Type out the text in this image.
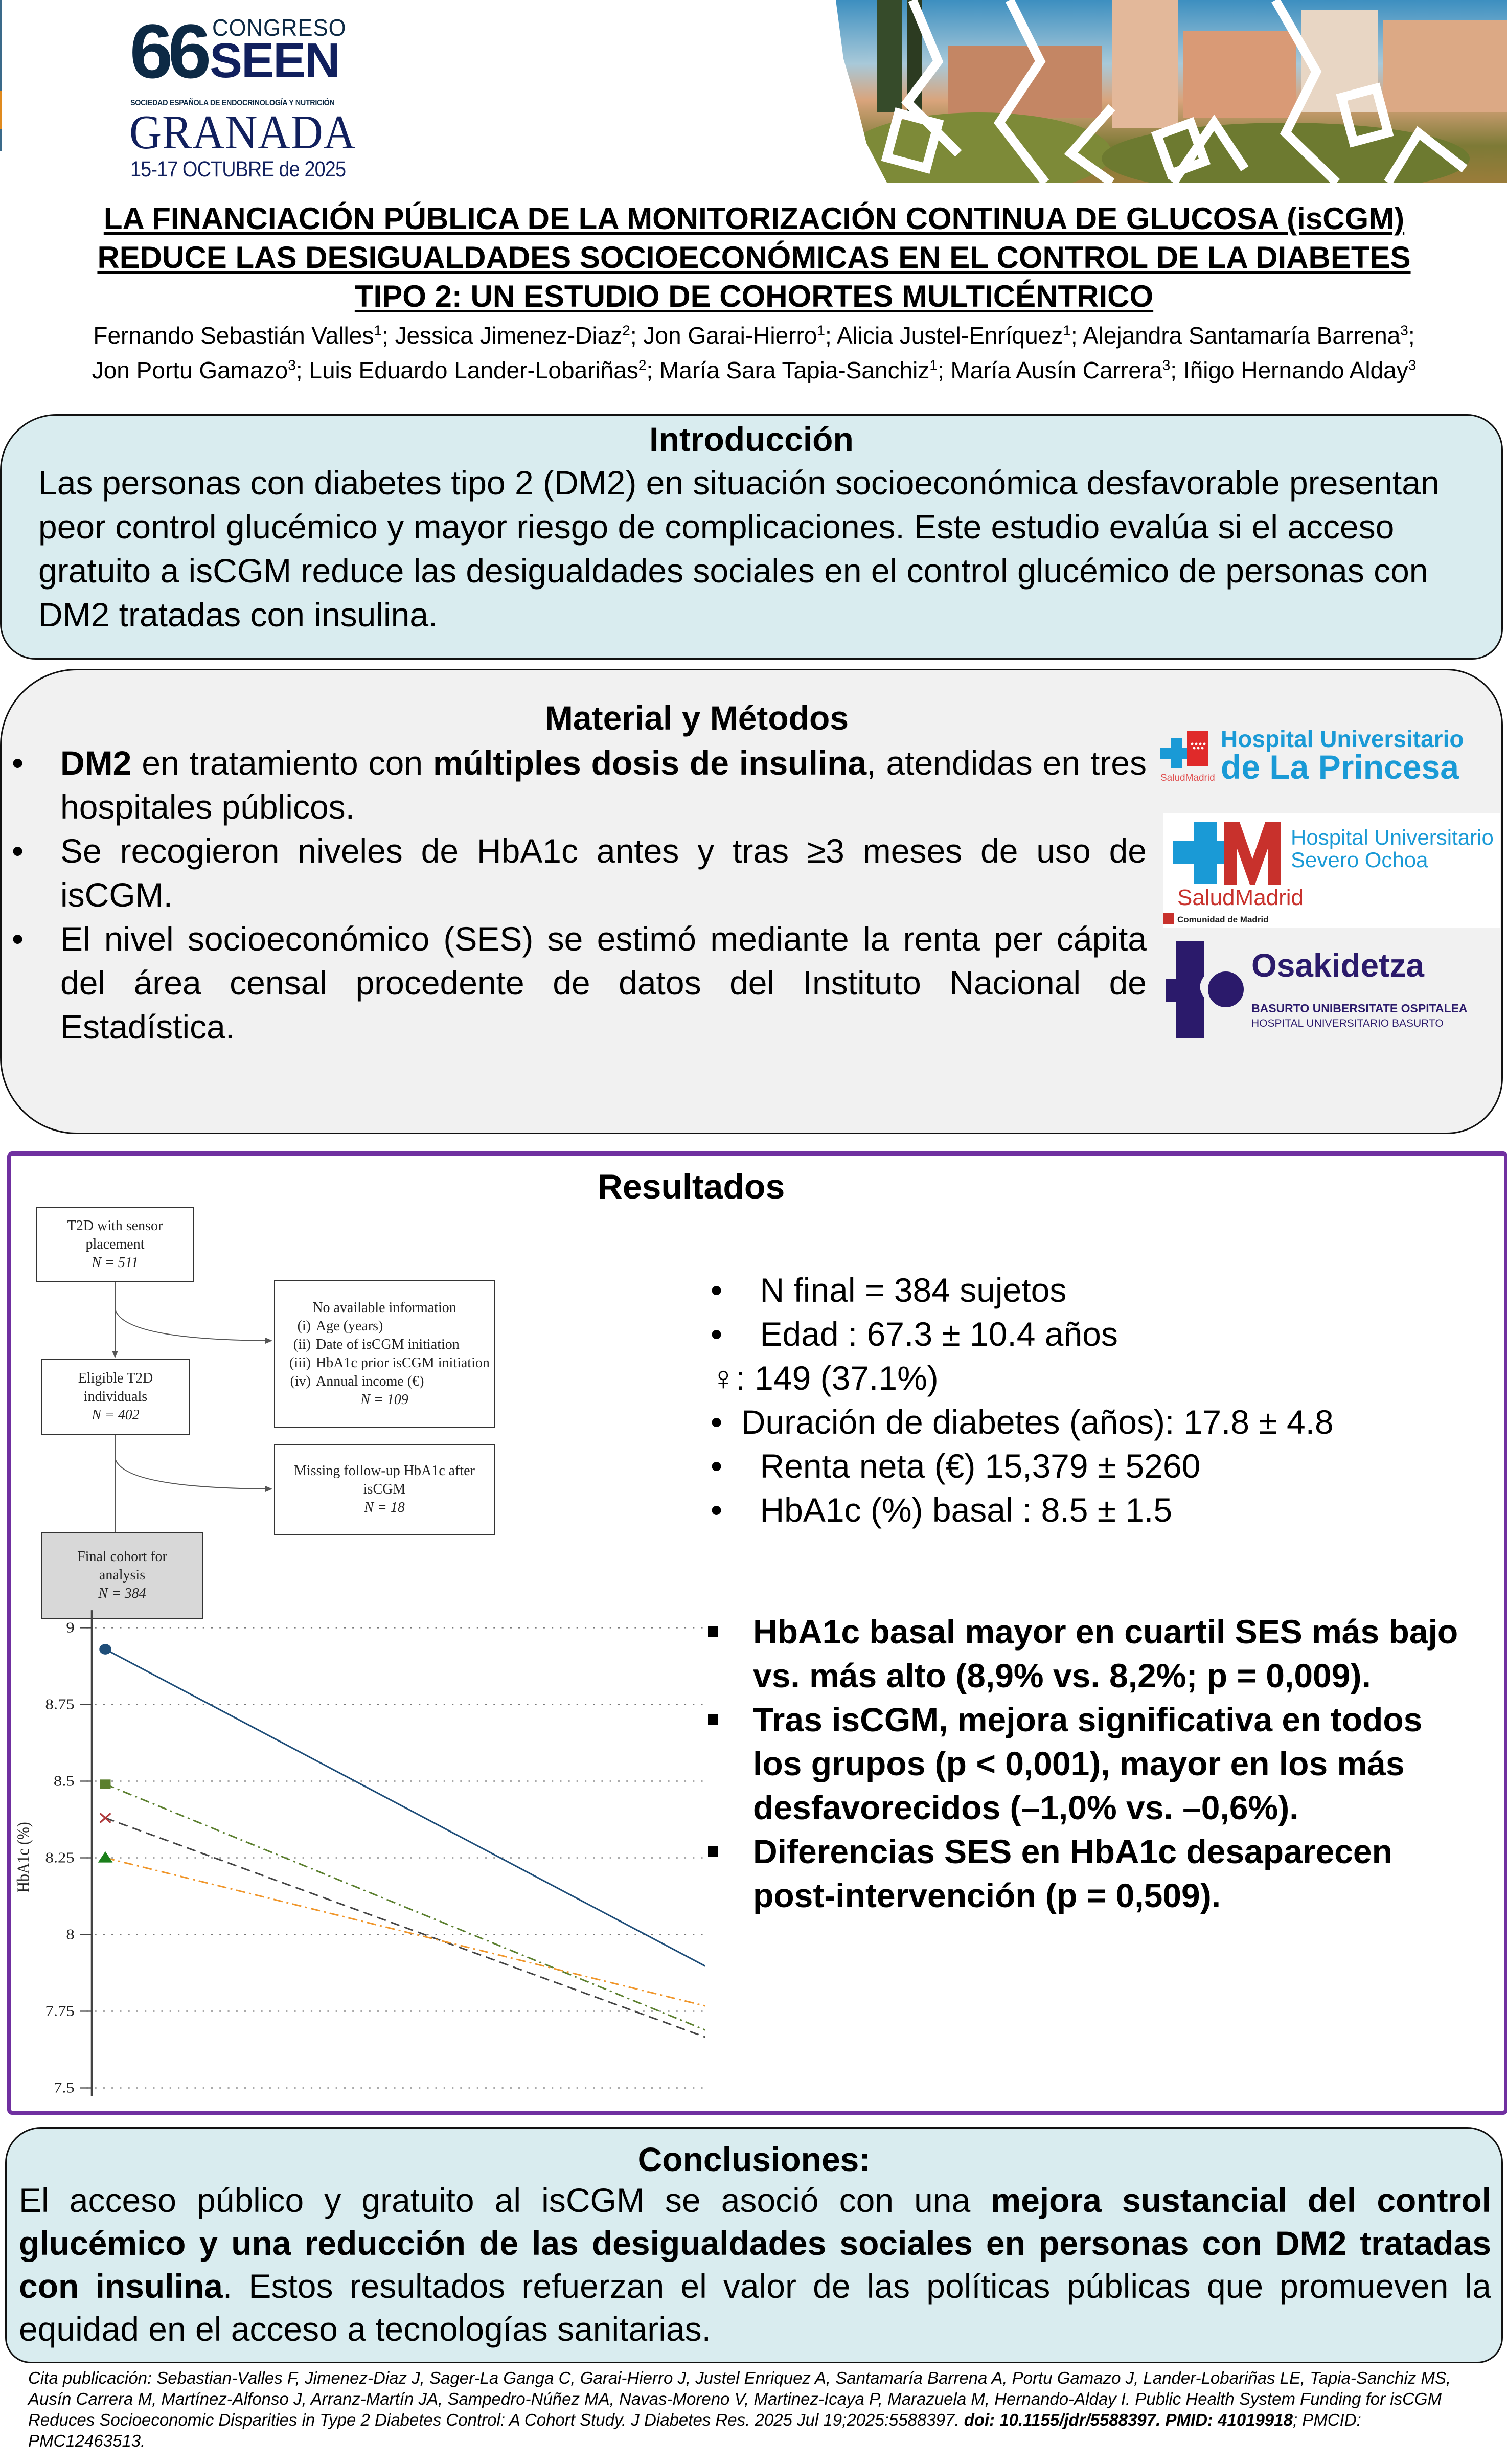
66 CONGRESO
SEEN
SOCIEDAD ESPAÑOLA DE ENDOCRINOLOGÍA Y NUTRICIÓN
GRANADA
15-17 OCTUBRE de 2025
LA FINANCIACIÓN PÚBLICA DE LA MONITORIZACIÓN CONTINUA DE GLUCOSA (isCGM) REDUCE LAS DESIGUALDADES SOCIOECONÓMICAS EN EL CONTROL DE LA DIABETES TIPO 2: UN ESTUDIO DE COHORTES MULTICÉNTRICO
Fernando Sebastián Valles$^1$; Jessica Jimenez-Diaz$^2$; Jon Garai-Hierro$^1$; Alicia Justel-Enríquez$^1$; Alejandra Santamaría Barrena$^3$; Jon Portu Gamazo$^3$; Luis Eduardo Lander-Lobariñas$^2$; María Sara Tapia-Sanchiz$^1$; María Ausín Carrera$^3$; Iñigo Hernando Alday$^3$
Introducción

Las personas con diabetes tipo 2 (DM2) en situación socioeconómica desfavorable presentan peor control glucémico y mayor riesgo de complicaciones. Este estudio evalúa si el acceso gratuito a isCGM reduce las desigualdades sociales en el control glucémico de personas con DM2 tratadas con insulina.

Material y Métodos
• DM2 en tratamiento con múltiples dosis de insulina, atendidas en tres hospitales públicos.
• Se recogieron niveles de HbA1c antes y tras ≥3 meses de uso de isCGM.
• El nivel socioeconómico (SES) se estimó mediante la renta per cápita del área censal procedente de datos del Instituto Nacional de Estadística.
SaludMadrid
Hospital Universitario
de La Princesa
SaludMadrid
Comunidad de Madrid
Hospital Universitario
Severo Ochoa
Osakidetza
BASURTO UNIBERSITATE OSPITALEA
HOSPITAL UNIVERSITARIO BASURTO
Resultados
T2D with sensor
placement
N = 511
No available information
(i) Age (years)
(ii) Date of isCGM initiation
(iii) HbA1c prior isCGM initiation
(iv) Annual income (€)
N = 109
Eligible T2D
individuals
N = 402
Missing follow-up HbA1c after
isCGM
N = 18
Final cohort for
analysis
N = 384
•    N final = 384 sujetos
•    Edad : 67.3 ± 10.4 años
♀: 149 (37.1%)
•  Duración de diabetes (años): 17.8 ± 4.8
•    Renta neta (€) 15,379 ± 5260
•    HbA1c (%) basal : 8.5 ± 1.5
9
8.75
8.5
8.25
8
7.75
7.5
HbA1c (%)
HbA1c basal mayor en cuartil SES más bajo vs. más alto (8,9% vs. 8,2%; p = 0,009).
Tras isCGM, mejora significativa en todos los grupos (p < 0,001), mayor en los más desfavorecidos (–1,0% vs. –0,6%).
Diferencias SES en HbA1c desaparecen post-intervención (p = 0,509).
Conclusiones:

El acceso público y gratuito al isCGM se asoció con una mejora sustancial del control glucémico y una reducción de las desigualdades sociales en personas con DM2 tratadas con insulina. Estos resultados refuerzan el valor de las políticas públicas que promueven la equidad en el acceso a tecnologías sanitarias.

Cita publicación: Sebastian-Valles F, Jimenez-Diaz J, Sager-La Ganga C, Garai-Hierro J, Justel Enriquez A, Santamaría Barrena A, Portu Gamazo J, Lander-Lobariñas LE, Tapia-Sanchiz MS, Ausín Carrera M, Martínez-Alfonso J, Arranz-Martín JA, Sampedro-Núñez MA, Navas-Moreno V, Martinez-Icaya P, Marazuela M, Hernando-Alday I. Public Health System Funding for isCGM Reduces Socioeconomic Disparities in Type 2 Diabetes Control: A Cohort Study. J Diabetes Res. 2025 Jul 19;2025:5588397. doi: 10.1155/jdr/5588397. PMID: 41019918; PMCID: PMC12463513.
